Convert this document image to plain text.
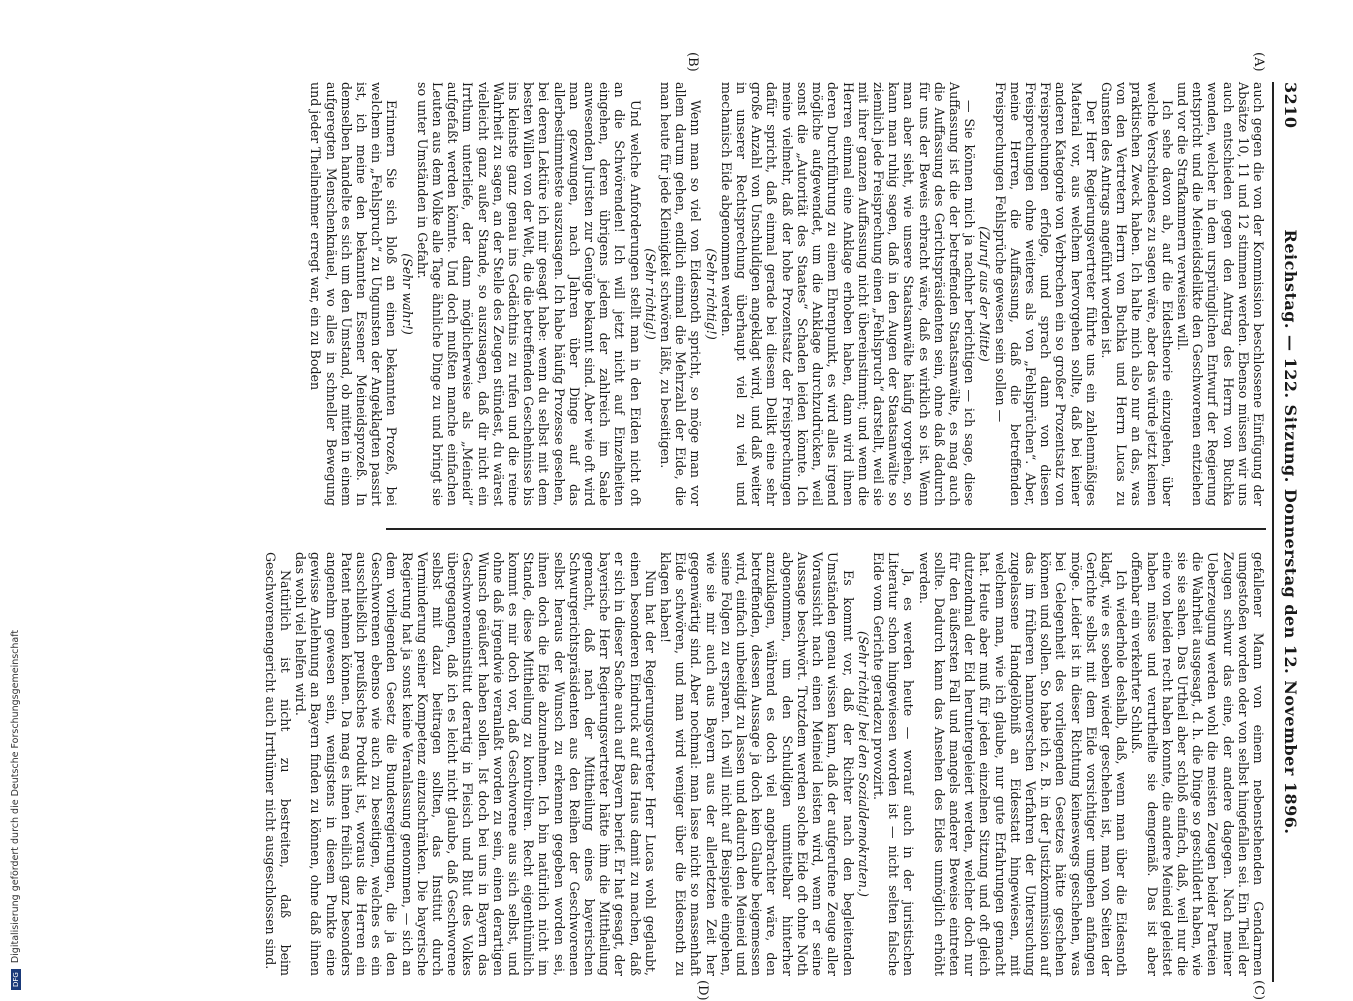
3210
Reichstag. — 122. Sitzung. Donnerstag den 12. November 1896.

auch gegen die von der Kommission beschlossene Einfügung der Absätze 10, 11 und 12 stimmen werden. Ebenso müssen wir uns auch entschieden gegen den Antrag des Herrn von Buchka wenden, welcher in dem ursprünglichen Entwurf der Regierung entspricht und die Meineidsdelikte den Geschworenen entziehen und vor die Strafkammern verweisen will.

Ich sehe davon ab, auf die Eidestheorie einzugehen, über welche Verschiedenes zu sagen wäre, aber das würde jetzt keinen praktischen Zweck haben. Ich halte mich also nur an das, was von den Vertretern Herrn von Buchka und Herrn Lucas zu Gunsten des Antrags angeführt worden ist.

Der Herr Regierungsvertreter führte uns ein zahlenmäßiges Material vor, aus welchem hervorgehen sollte, daß bei keiner anderen Kategorie von Verbrechen ein so großer Prozentsatz von Freisprechungen erfolge, und sprach dann von diesen Freisprechungen ohne weiteres als von „Fehlsprüchen“. Aber, meine Herren, die Auffassung, daß die betreffenden Freisprechungen Fehlsprüche gewesen sein sollen —

(Zuruf aus der Mitte)

— Sie können mich ja nachher berichtigen — ich sage, diese Auffassung ist die der betreffenden Staatsanwälte, es mag auch die Auffassung des Gerichtspräsidenten sein, ohne daß dadurch für uns der Beweis erbracht wäre, daß es wirklich so ist. Wenn man aber sieht, wie unsere Staatsanwälte häufig vorgehen, so kann man ruhig sagen, daß in den Augen der Staatsanwälte so ziemlich jede Freisprechung einen „Fehlspruch“ darstellt, weil sie mit ihrer ganzen Auffassung nicht übereinstimmt; und wenn die Herren einmal eine Anklage erhoben haben, dann wird ihnen deren Durchführung zu einem Ehrenpunkt, es wird alles irgend mögliche aufgewendet, um die Anklage durchzudrücken, weil sonst die „Autorität des Staates“ Schaden leiden könnte. Ich meine vielmehr, daß der hohe Prozentsatz der Freisprechungen dafür spricht, daß einmal gerade bei diesem Delikt eine sehr große Anzahl von Unschuldigen angeklagt wird, und daß weiter in unserer Rechtsprechung überhaupt viel zu viel und mechanisch Eide abgenommen werden.

(Sehr richtig!)

Wenn man so viel von Eidesnoth spricht, so möge man vor allem darum gehen, endlich einmal die Mehrzahl der Eide, die man heute für jede Kleinigkeit schwören läßt, zu beseitigen.

(Sehr richtig!)

Und welche Anforderungen stellt man in den Eiden nicht oft an die Schwörenden! Ich will jetzt nicht auf Einzelheiten eingehen, deren übrigens jedem der zahlreich im Saale anwesenden Juristen zur Genüge bekannt sind. Aber wie oft wird man gezwungen, nach Jahren über Dinge auf das allerbestimmteste auszusagen. Ich habe häufig Prozesse gesehen, bei deren Lektüre ich mir gesagt habe: wenn du selbst mit dem besten Willen von der Welt, die die betreffenden Geschehnisse bis ins kleinste ganz genau ins Gedächtnis zu rufen und die reine Wahrheit zu sagen, an der Stelle des Zeugen stündest, du wärest vielleicht ganz außer Stande, so auszusagen, daß dir nicht ein Irrthum unterliefe, der dann möglicherweise als „Meineid“ aufgefaßt werden könnte. Und doch mußten manche einfachen Leuten aus dem Volke alle Tage ähnliche Dinge zu und bringt sie so unter Umständen in Gefahr.

(Sehr wahr!)

Erinnern Sie sich bloß an einen bekannten Prozeß, bei welchem ein „Fehlspruch“ zu Ungunsten der Angeklagten passirt ist, ich meine den bekannten Essener Meineidsprozeß. In demselben handelte es sich um den Umstand, ob mitten in einem aufgeregten Menschenknäuel, wo alles in schneller Bewegung und jeder Theilnehmer erregt war, ein zu Boden

gefallener Mann von einem nebenstehenden Gendarmen umgestoßen worden oder von selbst hingefallen sei. Ein Theil der Zeugen schwur das eine, der andere dagegen. Nach meiner Ueberzeugung werden wohl die meisten Zeugen beider Parteien die Wahrheit ausgesagt, d. h. die Dinge so geschildert haben, wie sie sie sahen. Das Urtheil aber schloß einfach, daß, weil nur die eine von beiden recht haben konnte, die andere Meineid geleistet haben müsse und verurtheilte sie demgemäß. Das ist aber offenbar ein verkehrter Schluß.

Ich wiederhole deshalb, daß, wenn man über die Eidesnoth klagt, wie es soeben wieder geschehen ist, man von Seiten der Gerichte selbst mit dem Eide vorsichtiger umgehen anfangen möge. Leider ist in dieser Richtung keineswegs geschehen, was bei Gelegenheit des vorliegenden Gesetzes hätte geschehen können und sollen. So habe ich z. B. in der Justizkommission auf das im früheren hannoverschen Verfahren der Untersuchung zugelassene Handgelöbniß an Eidesstatt hingewiesen, mit welchem man, wie ich glaube, nur gute Erfahrungen gemacht hat. Heute aber muß für jeden einzelnen Sitzung und oft gleich dutzendmal der Eid heruntergeleiert werden, welcher doch nur für den äußersten Fall und mangels anderer Beweise eintreten sollte. Dadurch kann das Ansehen des Eides unmöglich erhöht werden.

Ja, es werden heute — worauf auch in der juristischen Literatur schon hingewiesen worden ist — nicht selten falsche Eide vom Gerichte geradezu provozirt.

(Sehr richtig! bei den Sozialdemokraten.)

Es kommt vor, daß der Richter nach den begleitenden Umständen genau wissen kann, daß der aufgerufene Zeuge aller Voraussicht nach einen Meineid leisten wird, wenn er seine Aussage beschwört. Trotzdem werden solche Eide oft ohne Noth abgenommen, um den Schuldigen unmittelbar hinterher anzuklagen, während es doch viel angebrachter wäre, den betreffenden, dessen Aussage ja doch kein Glaube beigemessen wird, einfach unbeeidigt zu lassen und dadurch den Meineid und seine Folgen zu ersparen. Ich will nicht auf Beispiele eingehen, wie sie mir auch aus Bayern aus der allerletzten Zeit her gegenwärtig sind. Aber nochmal: man lasse nicht so massenhaft Eide schwören, und man wird weniger über die Eidesnoth zu klagen haben!

Nun hat der Regierungsvertreter Herr Lucas wohl geglaubt, einen besonderen Eindruck auf das Haus damit zu machen, daß er sich in dieser Sache auch auf Bayern berief. Er hat gesagt, der bayerische Herr Regierungsvertreter hätte ihm die Mittheilung gemacht, daß nach der Mittheilung eines bayerischen Schwurgerichtspräsidenten aus den Reihen der Geschworenen selbst heraus der Wunsch zu erkennen gegeben worden sei, ihnen doch die Eide abzunehmen. Ich bin natürlich nicht im Stande, diese Mittheilung zu kontroliren. Recht eigenthümlich kommt es mir doch vor, daß Geschworene aus sich selbst, und ohne daß irgendwie veranlaßt worden zu sein, einen derartigen Wunsch geäußert haben sollen. Ist doch bei uns in Bayern das Geschworeneninstitut derartig in Fleisch und Blut des Volkes übergegangen, daß ich es leicht nicht glaube, daß Geschworene selbst mit dazu beitragen sollten, das Institut durch Verminderung seiner Kompetenz einzuschränken. Die bayerische Regierung hat ja sonst keine Veranlassung genommen, — sich an dem vorliegenden Gesetz die Bundesregierungen, die ja den Geschworenen ebenso wie auch zu beseitigen, welches es ein ausschließlich preußisches Produkt ist, woraus die Herren ein Patent nehmen können. Da mag es ihnen freilich ganz besonders angenehm gewesen sein, wenigstens in diesem Punkte eine gewisse Anlehnung an Bayern finden zu können, ohne daß ihnen das wohl viel helfen wird.

Natürlich ist nicht zu bestreiten, daß beim Geschworenengericht auch Irrthümer nicht ausgeschlossen sind.

(A)
(B)
(C)
(D)
DFGDigitalisierung gefördert durch die Deutsche Forschungsgemeinschaft
